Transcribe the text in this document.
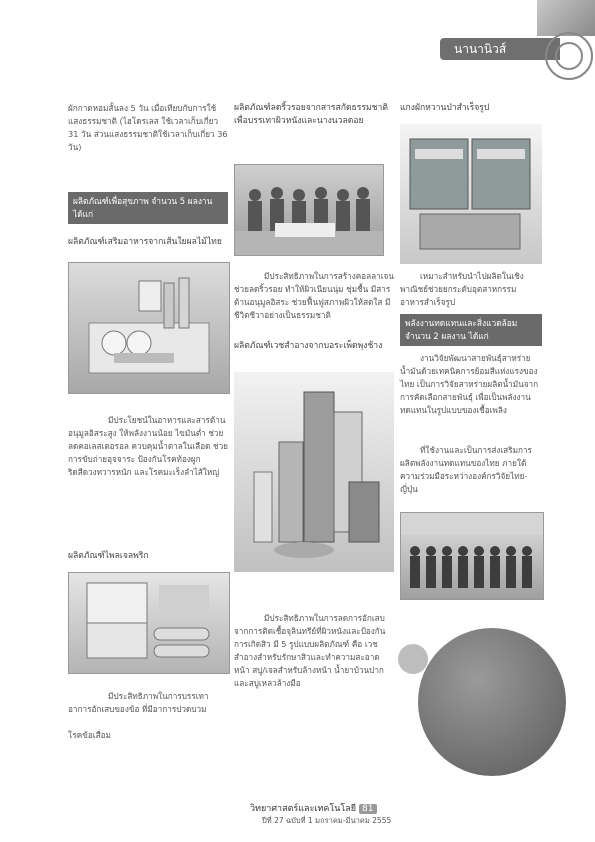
นานานิวส์
ผักกาดหอมสั้นลง 5 วัน เมื่อเทียบกับการใช้แสงธรรมชาติ (ไฮโดรเลส ใช้เวลาเก็บเกี่ยว 31 วัน ส่วนแสงธรรมชาติใช้เวลาเก็บเกี่ยว 36 วัน)
ผลิตภัณฑ์เพื่อสุขภาพ จำนวน 5 ผลงาน ได้แก่
ผลิตภัณฑ์เสริมอาหารจากเส้นใยผลไม้ไทย
มีประโยชน์ในอาหารและสารต้านอนุมูลอิสระสูง ให้พลังงานน้อย ไขมันต่ำ ช่วยลดคอเลสเตอรอล ควบคุมน้ำตาลในเลือด ช่วยการขับถ่ายอุจจาระ ป้องกันโรคท้องผูก ริดสีดวงทวารหนัก และโรคมะเร็งลำไส้ใหญ่
ผลิตภัณฑ์ไพลเจลพริก
มีประสิทธิภาพในการบรรเทาอาการอักเสบของข้อ ที่มีอาการปวดบวม
โรคข้อเสื่อม
ผลิตภัณฑ์ลดริ้วรอยจากสารสกัดธรรมชาติเพื่อบรรเทาผิวหนังและนางนวลดอย
มีประสิทธิภาพในการสร้างคอลลาเจน ช่วยลดริ้วรอย ทำให้ผิวเนียนนุ่ม ชุ่มชื้น มีสารต้านอนุมูลอิสระ ช่วยฟื้นฟูสภาพผิวให้สดใส มีชีวิตชีวาอย่างเป็นธรรมชาติ
ผลิตภัณฑ์เวชสำอางจากบอระเพ็ดพุงช้าง
มีประสิทธิภาพในการลดการอักเสบจากการติดเชื้อจุลินทรีย์ที่ผิวหนังและป้องกันการเกิดสิว มี 5 รูปแบบผลิตภัณฑ์ คือ เวชสำอางสำหรับรักษาสิวและทำความสะอาดหน้า สบู่/เจลสำหรับล้างหน้า น้ำยาบ้วนปาก และสบู่เหลวล้างมือ
แกงผักหวานป่าสำเร็จรูป
เหมาะสำหรับนำไปผลิตในเชิงพาณิชย์ช่วยยกระดับอุตสาหกรรมอาหารสำเร็จรูป
พลังงานทดแทนและสิ่งแวดล้อม จำนวน 2 ผลงาน ได้แก่
งานวิจัยพัฒนาสายพันธุ์สาหร่ายน้ำมันด้วยเทคนิคการย้อมสีแห่งแรงของไทย เป็นการวิจัยสาหร่ายผลิตน้ำมันจากการคัดเลือกสายพันธุ์ เพื่อเป็นพลังงานทดแทนในรูปแบบของเชื้อเพลิง
ที่ใช้งานและเป็นการส่งเสริมการผลิตพลังงานทดแทนของไทย ภายใต้ความร่วมมือระหว่างองค์กรวิจัยไทย-ญี่ปุ่น
วิทยาศาสตร์และเทคโนโลยี 81
ปีที่ 27 ฉบับที่ 1 มกราคม-มีนาคม 2555
